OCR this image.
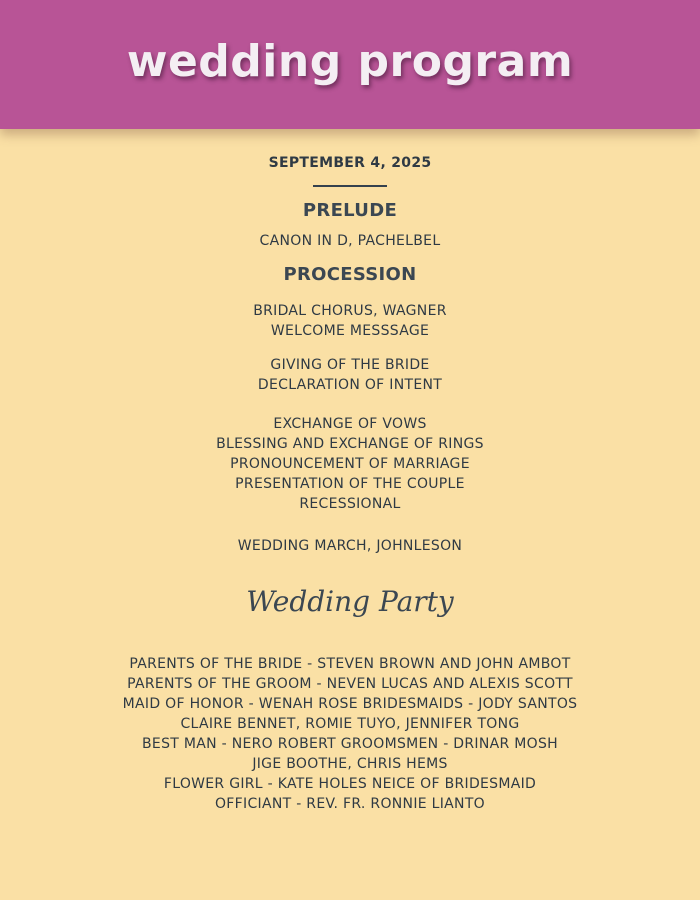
wedding program
SEPTEMBER 4, 2025
PRELUDE
CANON IN D, PACHELBEL
PROCESSION
BRIDAL CHORUS, WAGNER
WELCOME MESSSAGE
GIVING OF THE BRIDE
DECLARATION OF INTENT
EXCHANGE OF VOWS
BLESSING AND EXCHANGE OF RINGS
PRONOUNCEMENT OF MARRIAGE
PRESENTATION OF THE COUPLE
RECESSIONAL
WEDDING MARCH, JOHNLESON
Wedding Party
PARENTS OF THE BRIDE - STEVEN BROWN AND JOHN AMBOT
PARENTS OF THE GROOM - NEVEN LUCAS AND ALEXIS SCOTT
MAID OF HONOR - WENAH ROSE BRIDESMAIDS - JODY SANTOS
CLAIRE BENNET, ROMIE TUYO, JENNIFER TONG
BEST MAN - NERO ROBERT GROOMSMEN - DRINAR MOSH
JIGE BOOTHE, CHRIS HEMS
FLOWER GIRL - KATE HOLES NEICE OF BRIDESMAID
OFFICIANT - REV. FR. RONNIE LIANTO
